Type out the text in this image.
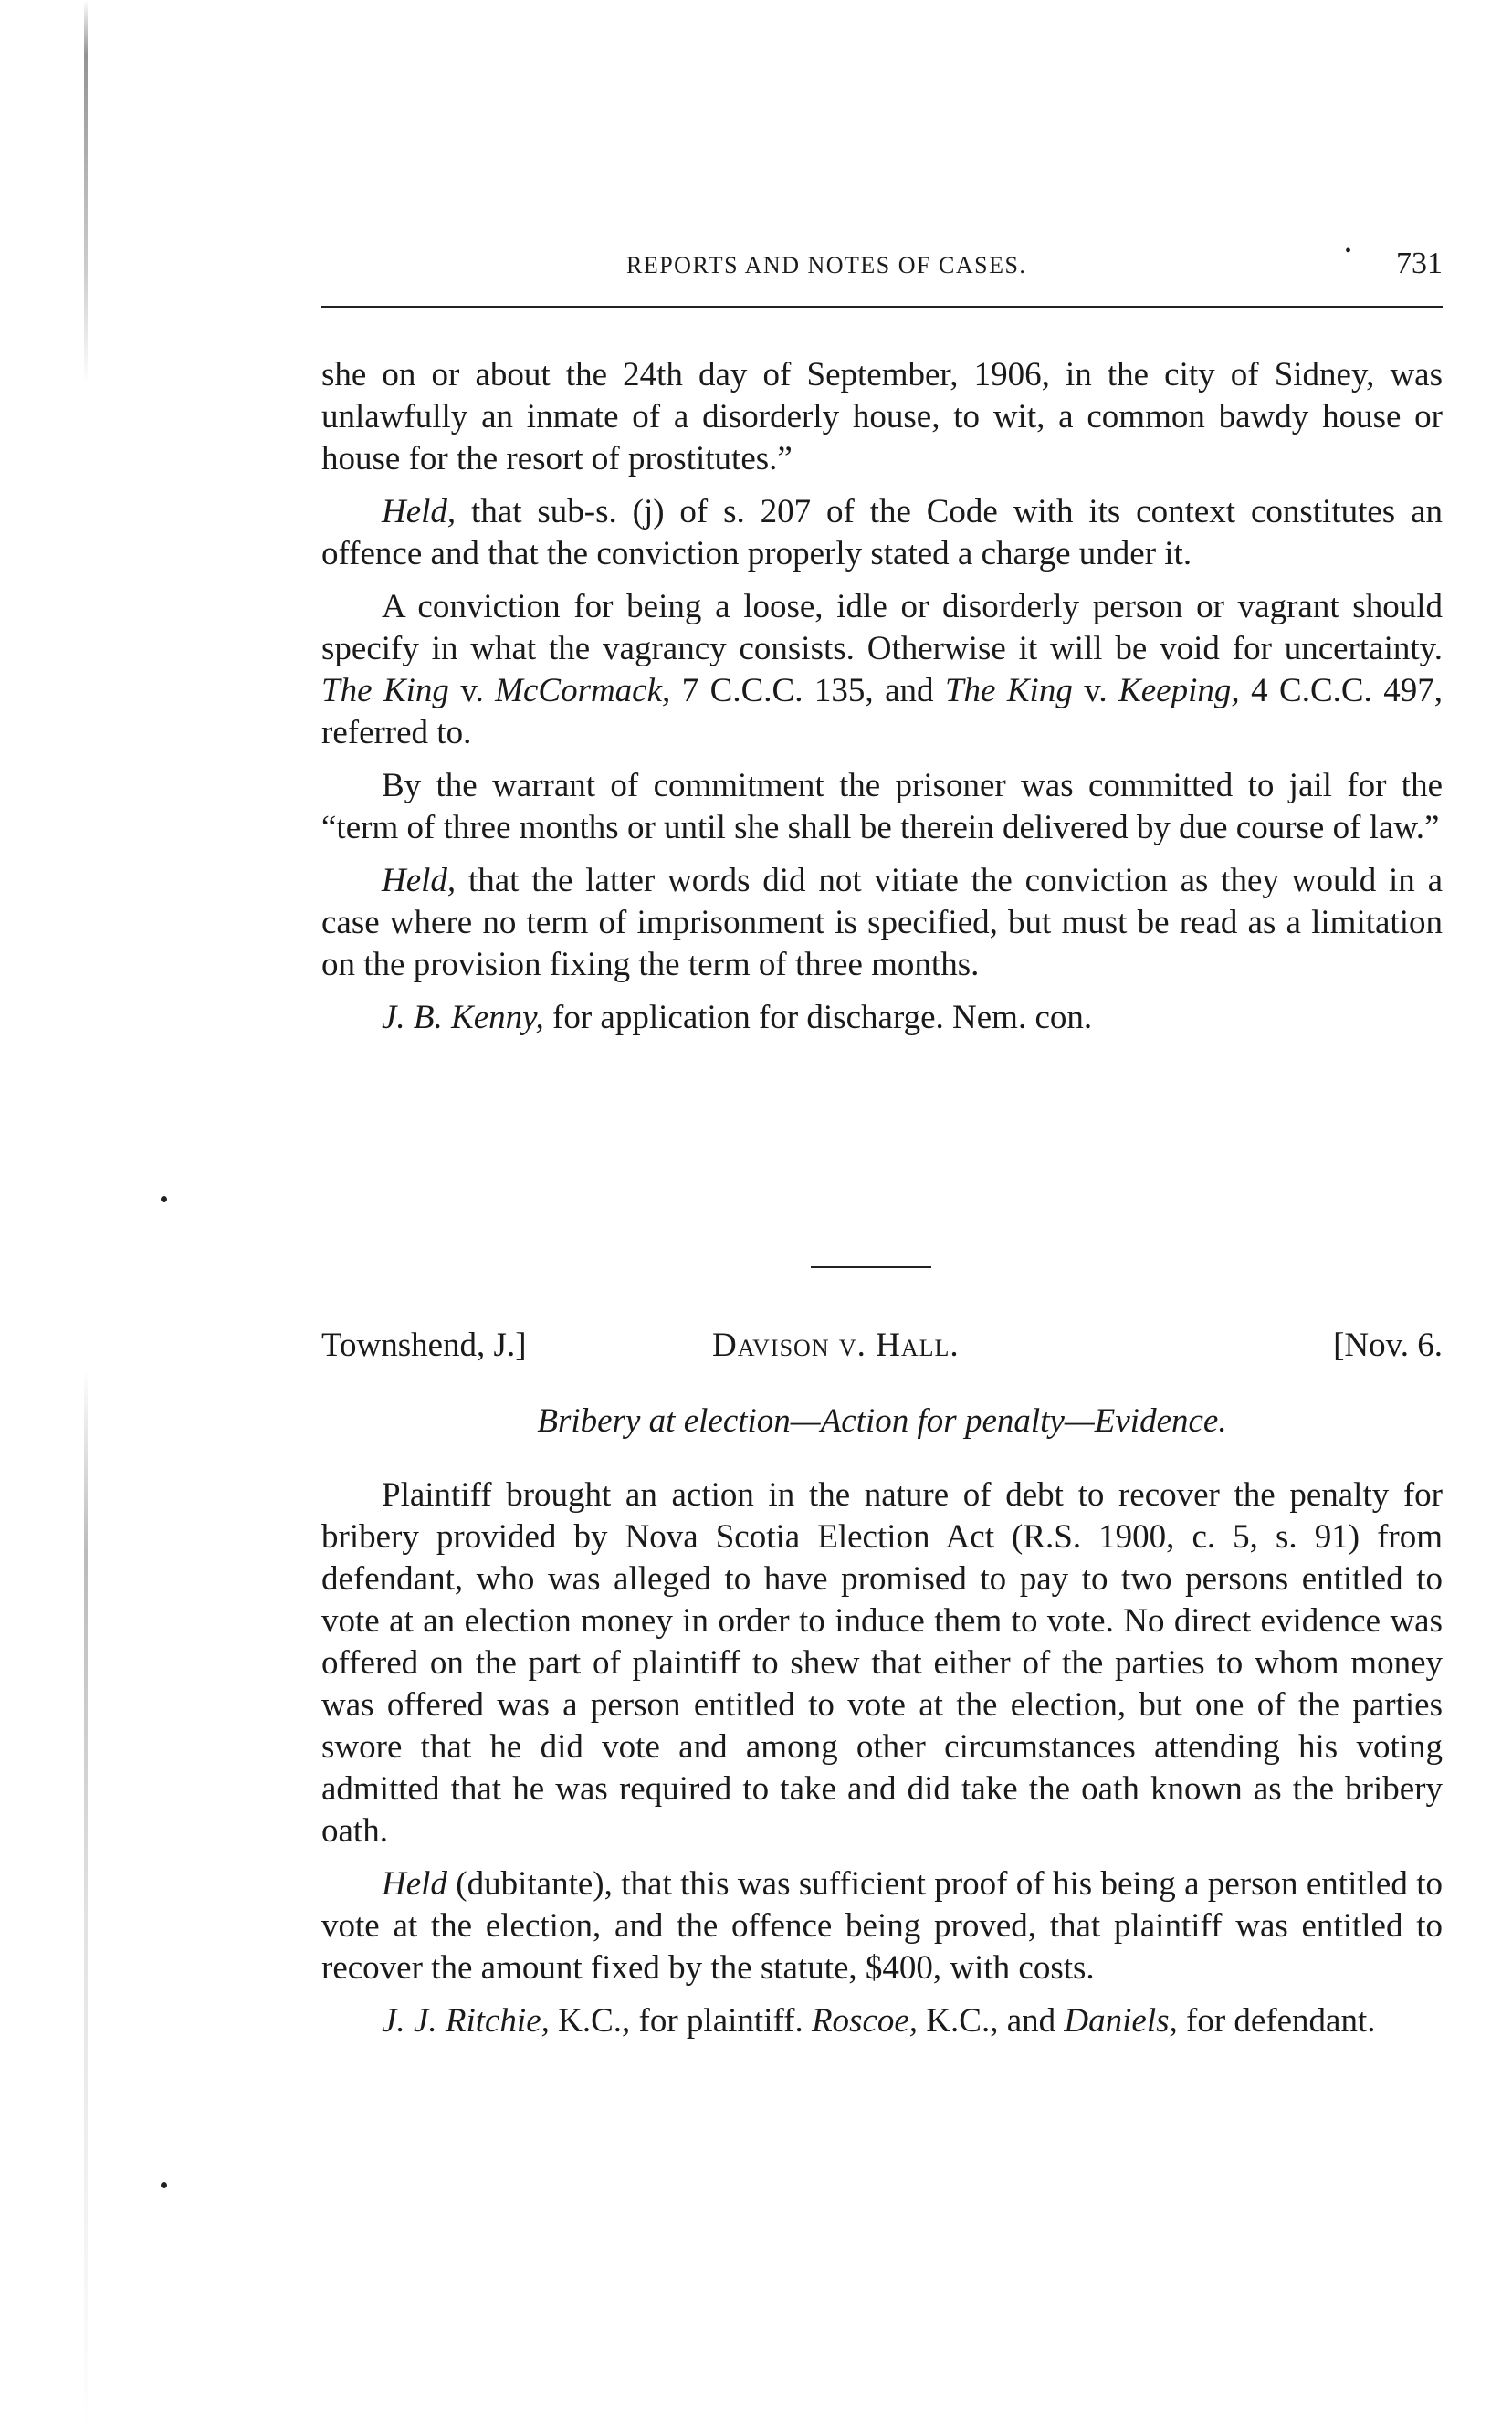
REPORTS AND NOTES OF CASES.
• 731

she on or about the 24th day of September, 1906, in the city of Sidney, was unlawfully an inmate of a disorderly house, to wit, a common bawdy house or house for the resort of prostitutes.”

Held, that sub-s. (j) of s. 207 of the Code with its context constitutes an offence and that the conviction properly stated a charge under it.

A conviction for being a loose, idle or disorderly person or vagrant should specify in what the vagrancy consists. Otherwise it will be void for uncertainty. The King v. McCormack, 7 C.C.C. 135, and The King v. Keeping, 4 C.C.C. 497, referred to.

By the warrant of commitment the prisoner was committed to jail for the “term of three months or until she shall be therein delivered by due course of law.”

Held, that the latter words did not vitiate the conviction as they would in a case where no term of imprisonment is specified, but must be read as a limitation on the provision fixing the term of three months.

J. B. Kenny, for application for discharge. Nem. con.

Townshend, J.]	Davison v. Hall.	[Nov. 6.
Bribery at election—Action for penalty—Evidence.

Plaintiff brought an action in the nature of debt to recover the penalty for bribery provided by Nova Scotia Election Act (R.S. 1900, c. 5, s. 91) from defendant, who was alleged to have promised to pay to two persons entitled to vote at an election money in order to induce them to vote. No direct evidence was offered on the part of plaintiff to shew that either of the parties to whom money was offered was a person entitled to vote at the election, but one of the parties swore that he did vote and among other circumstances attending his voting admitted that he was required to take and did take the oath known as the bribery oath.

Held (dubitante), that this was sufficient proof of his being a person entitled to vote at the election, and the offence being proved, that plaintiff was entitled to recover the amount fixed by the statute, $400, with costs.

J. J. Ritchie, K.C., for plaintiff. Roscoe, K.C., and Daniels, for defendant.
